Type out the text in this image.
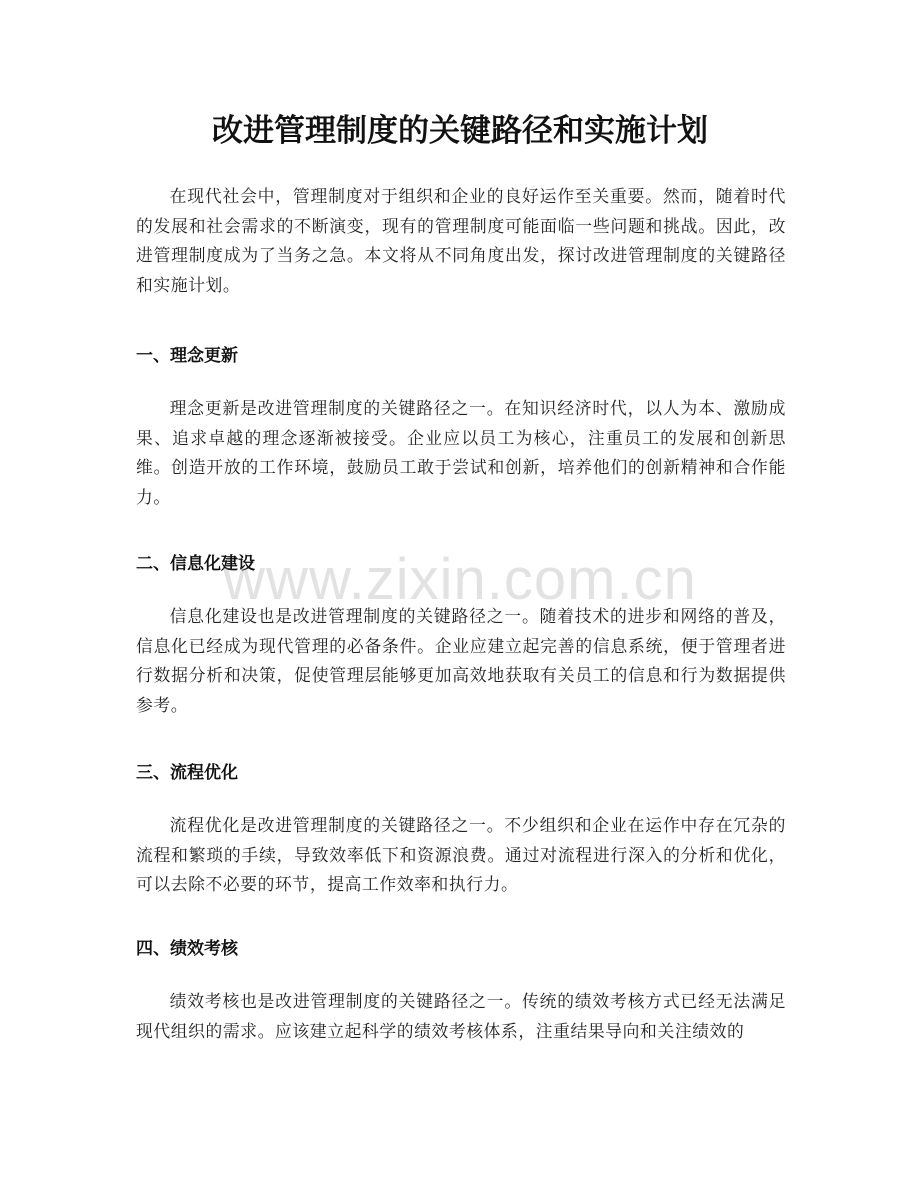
改进管理制度的关键路径和实施计划

在现代社会中，管理制度对于组织和企业的良好运作至关重要。然而，随着时代的发展和社会需求的不断演变，现有的管理制度可能面临一些问题和挑战。因此，改进管理制度成为了当务之急。本文将从不同角度出发，探讨改进管理制度的关键路径和实施计划。

一、理念更新

理念更新是改进管理制度的关键路径之一。在知识经济时代，以人为本、激励成果、追求卓越的理念逐渐被接受。企业应以员工为核心，注重员工的发展和创新思维。创造开放的工作环境，鼓励员工敢于尝试和创新，培养他们的创新精神和合作能力。

二、信息化建设

信息化建设也是改进管理制度的关键路径之一。随着技术的进步和网络的普及，信息化已经成为现代管理的必备条件。企业应建立起完善的信息系统，便于管理者进行数据分析和决策，促使管理层能够更加高效地获取有关员工的信息和行为数据提供参考。

三、流程优化

流程优化是改进管理制度的关键路径之一。不少组织和企业在运作中存在冗杂的流程和繁琐的手续，导致效率低下和资源浪费。通过对流程进行深入的分析和优化，可以去除不必要的环节，提高工作效率和执行力。

四、绩效考核

绩效考核也是改进管理制度的关键路径之一。传统的绩效考核方式已经无法满足现代组织的需求。应该建立起科学的绩效考核体系，注重结果导向和关注绩效的

www.zixin.com.cn
